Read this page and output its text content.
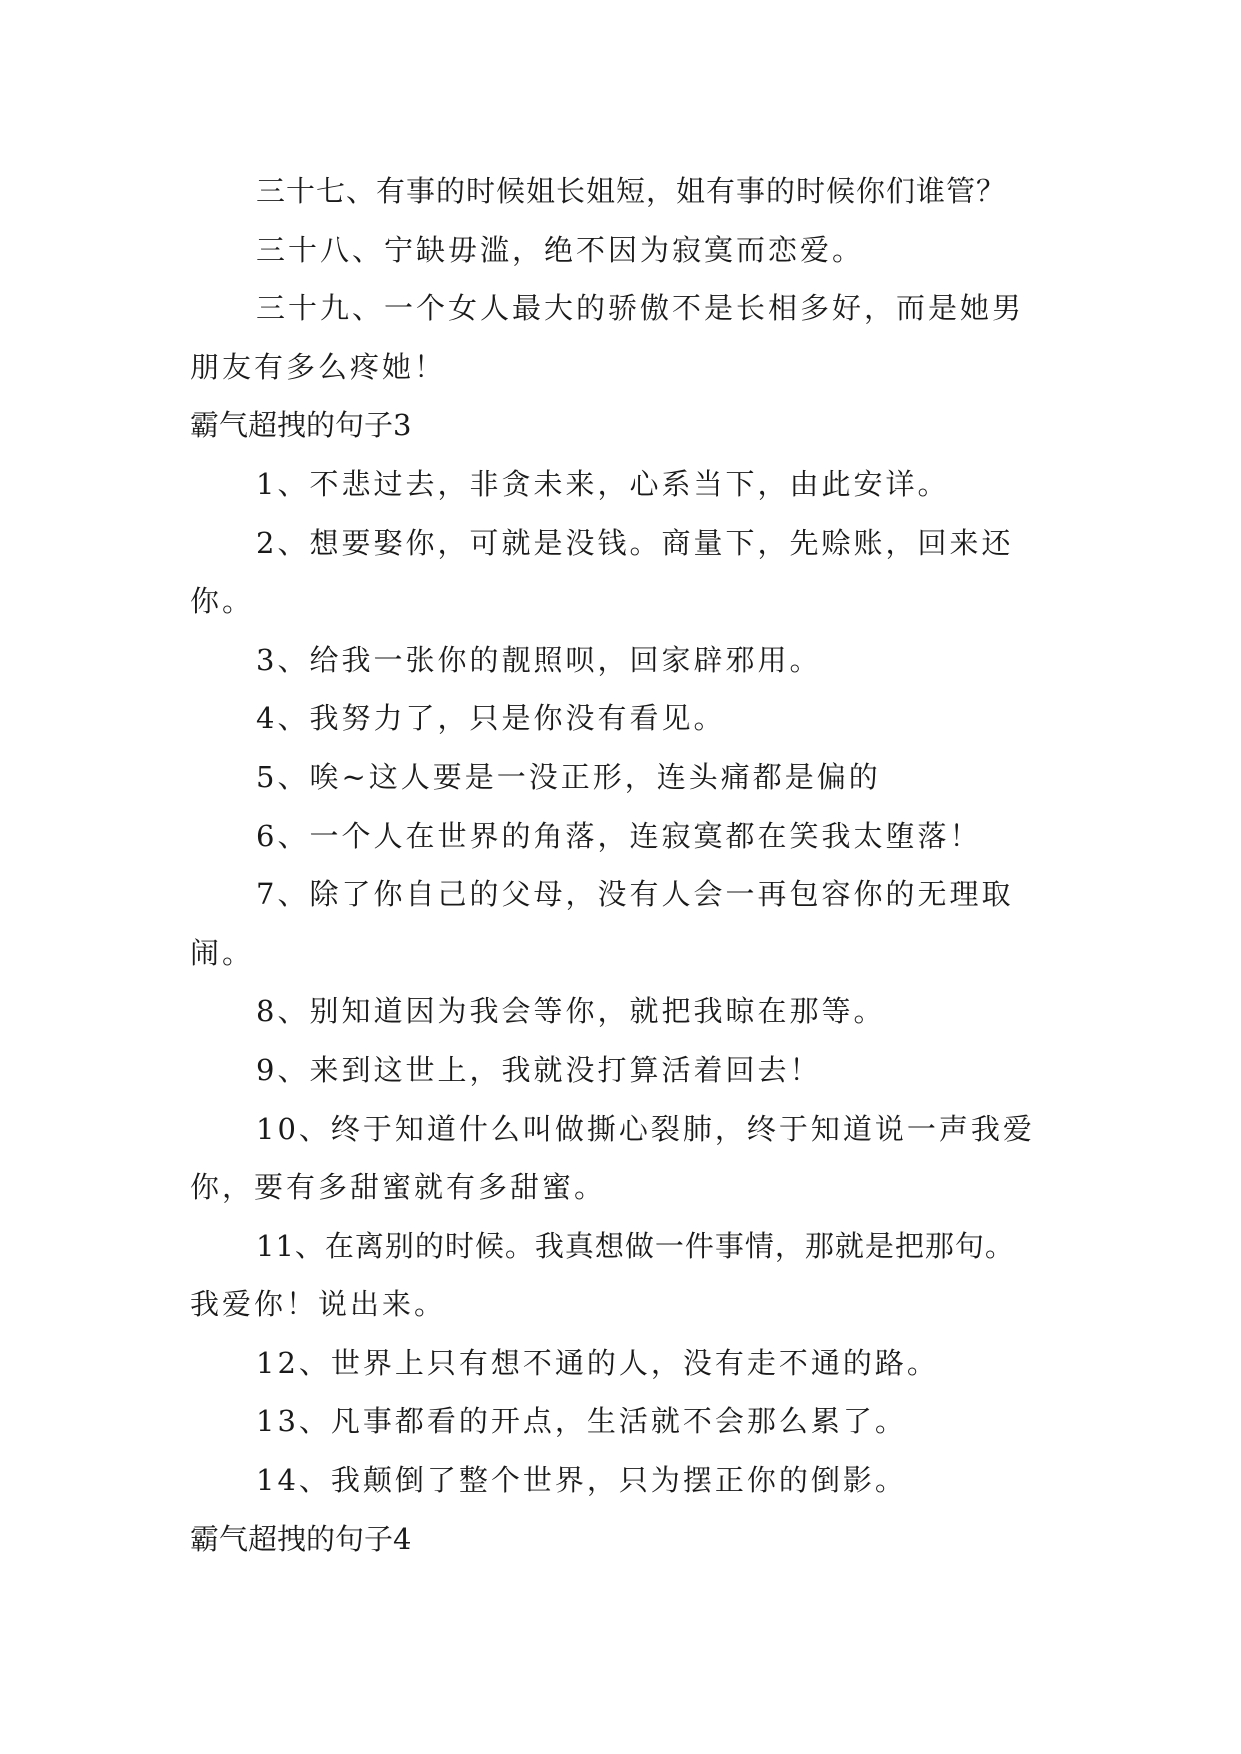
三十七、有事的时候姐长姐短，姐有事的时候你们谁管？
三十八、宁缺毋滥，绝不因为寂寞而恋爱。
三十九、一个女人最大的骄傲不是长相多好，而是她男
朋友有多么疼她！
霸气超拽的句子3
1、不悲过去，非贪未来，心系当下，由此安详。
2、想要娶你，可就是没钱。商量下，先赊账，回来还
你。
3、给我一张你的靓照呗，回家辟邪用。
4、我努力了，只是你没有看见。
5、唉~这人要是一没正形，连头痛都是偏的
6、一个人在世界的角落，连寂寞都在笑我太堕落！
7、除了你自己的父母，没有人会一再包容你的无理取
闹。
8、别知道因为我会等你，就把我晾在那等。
9、来到这世上，我就没打算活着回去！
10、终于知道什么叫做撕心裂肺，终于知道说一声我爱
你，要有多甜蜜就有多甜蜜。
11、在离别的时候。我真想做一件事情，那就是把那句。
我爱你！说出来。
12、世界上只有想不通的人，没有走不通的路。
13、凡事都看的开点，生活就不会那么累了。
14、我颠倒了整个世界，只为摆正你的倒影。
霸气超拽的句子4
